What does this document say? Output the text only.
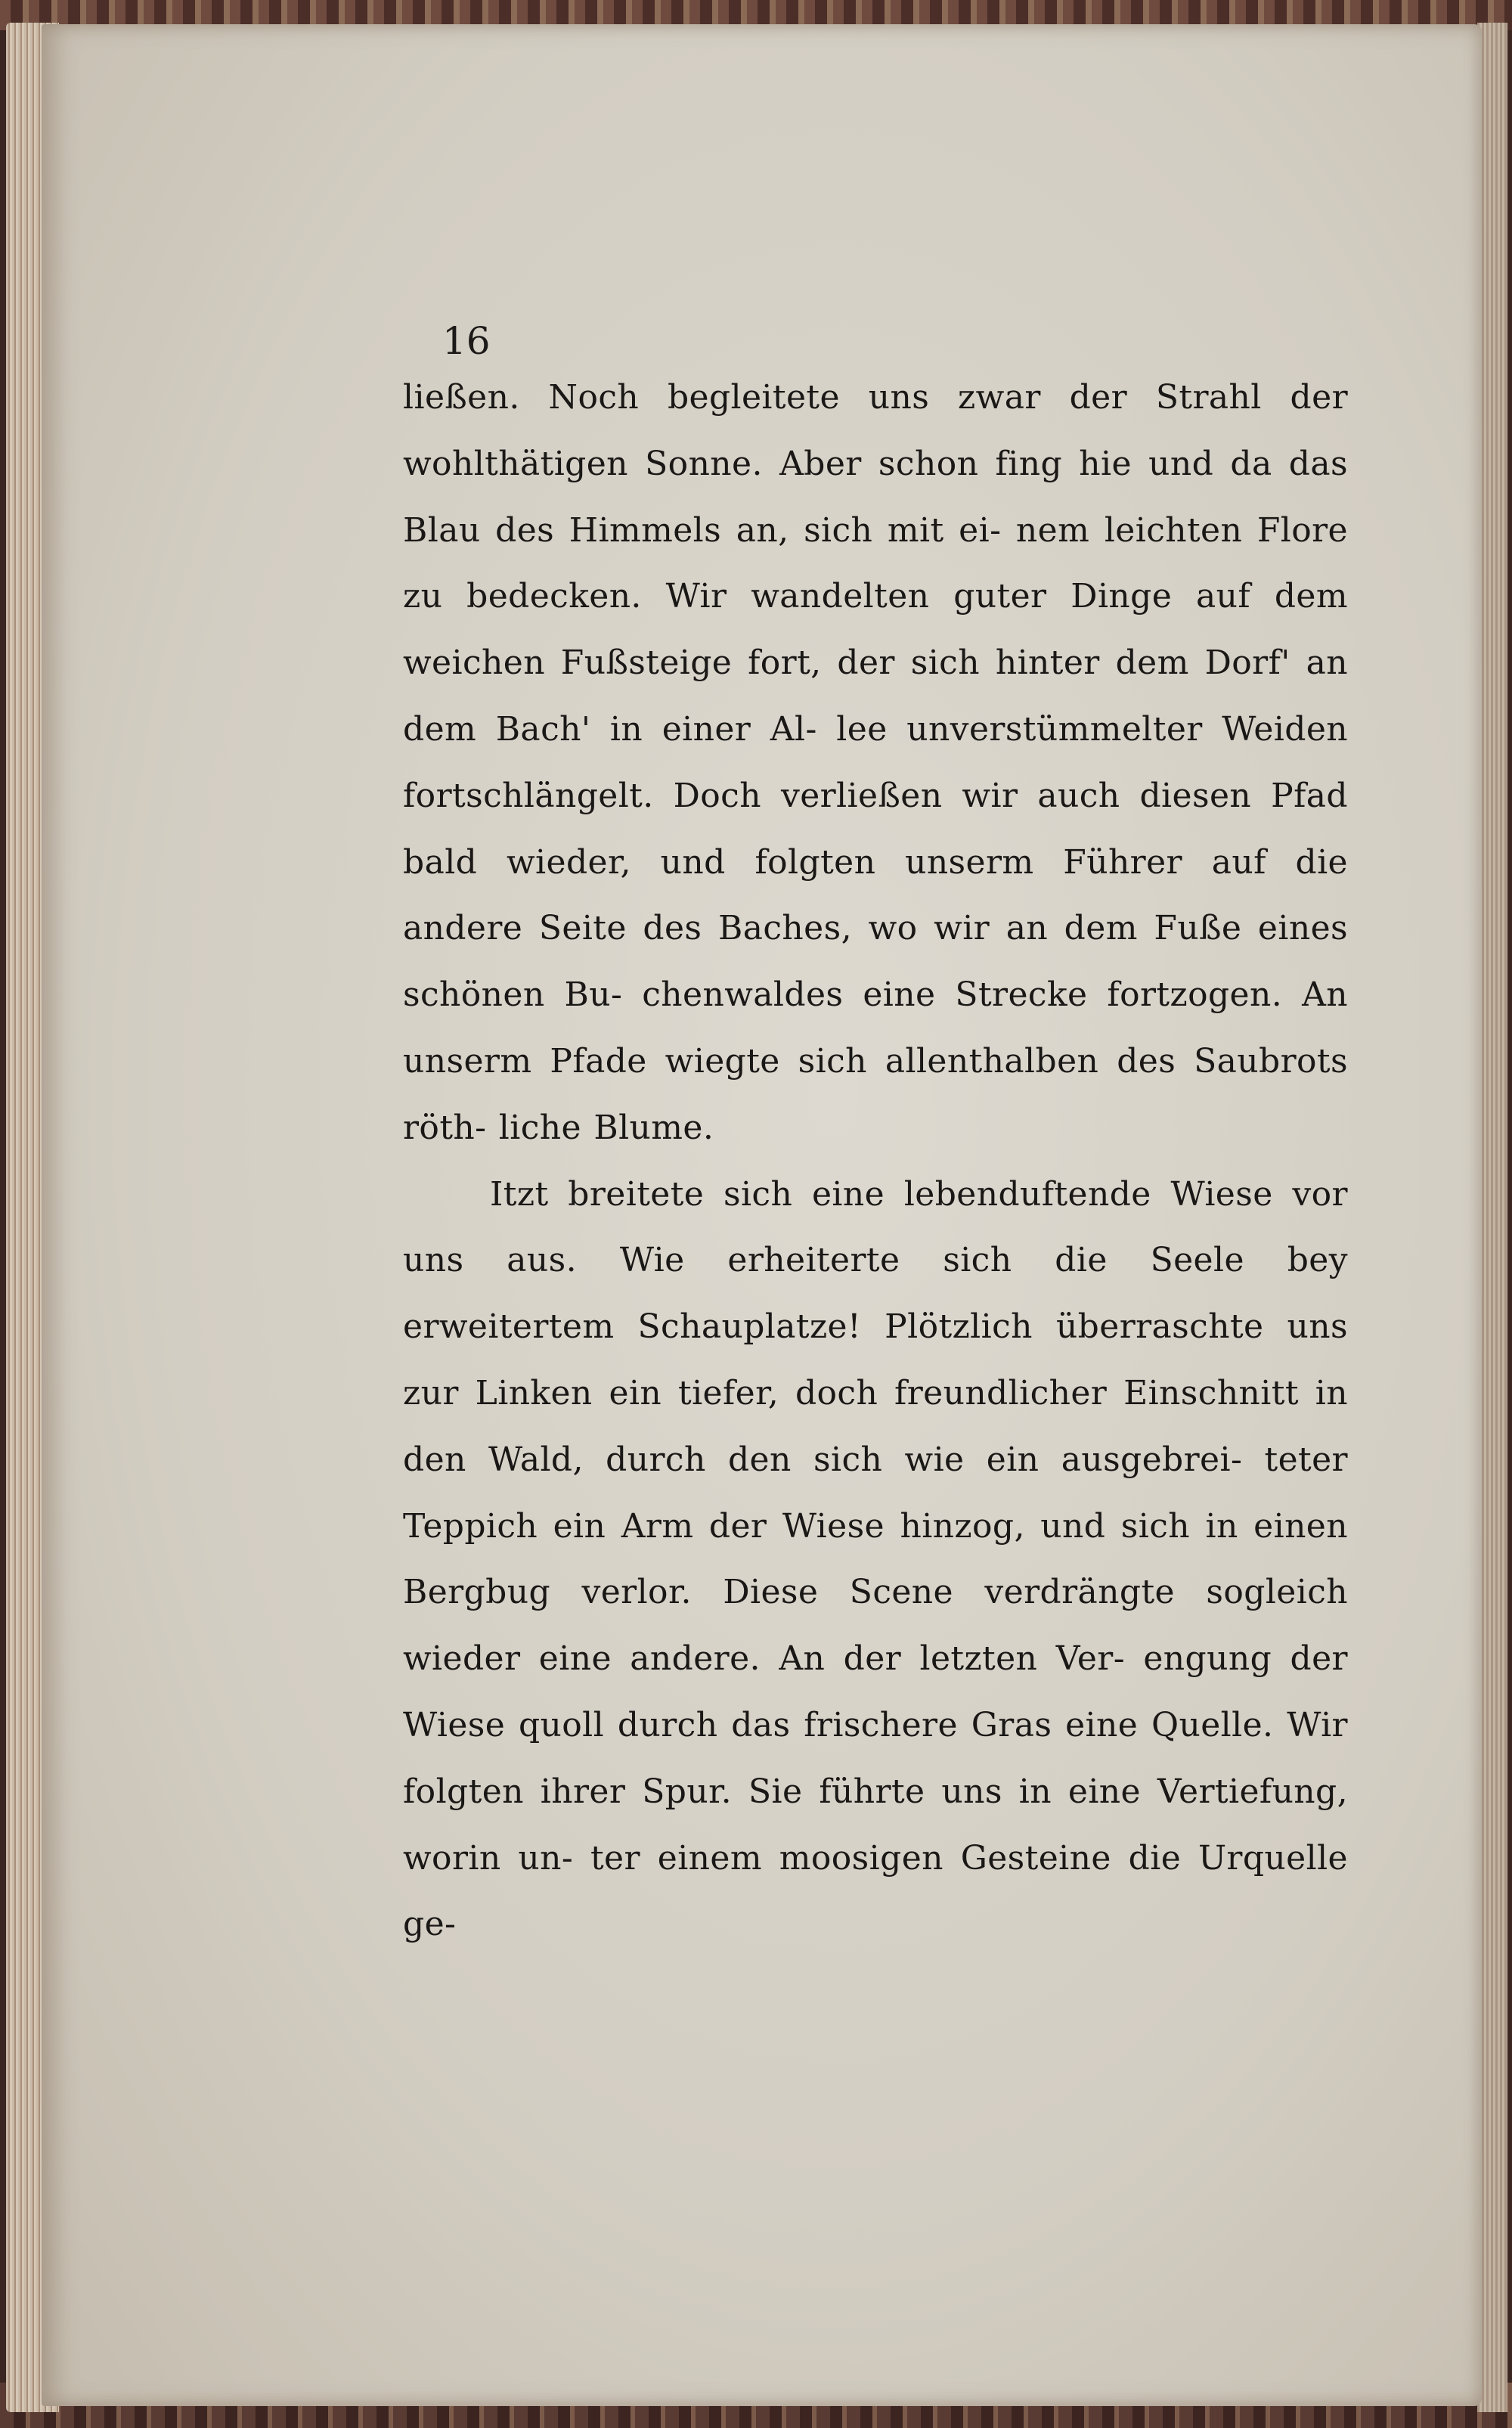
16

ließen. Noch begleitete uns zwar der Strahl der wohlthätigen Sonne. Aber schon fing hie und da das Blau des Himmels an, sich mit ei- nem leichten Flore zu bedecken. Wir wandelten guter Dinge auf dem weichen Fußsteige fort, der sich hinter dem Dorf' an dem Bach' in einer Al- lee unverstümmelter Weiden fortschlängelt. Doch verließen wir auch diesen Pfad bald wieder, und folgten unserm Führer auf die andere Seite des Baches, wo wir an dem Fuße eines schönen Bu- chenwaldes eine Strecke fortzogen. An unserm Pfade wiegte sich allenthalben des Saubrots röth- liche Blume.

Itzt breitete sich eine lebenduftende Wiese vor uns aus. Wie erheiterte sich die Seele bey erweitertem Schauplatze! Plötzlich überraschte uns zur Linken ein tiefer, doch freundlicher Einschnitt in den Wald, durch den sich wie ein ausgebrei- teter Teppich ein Arm der Wiese hinzog, und sich in einen Bergbug verlor. Diese Scene verdrängte sogleich wieder eine andere. An der letzten Ver- engung der Wiese quoll durch das frischere Gras eine Quelle. Wir folgten ihrer Spur. Sie führte uns in eine Vertiefung, worin un- ter einem moosigen Gesteine die Urquelle ge-
